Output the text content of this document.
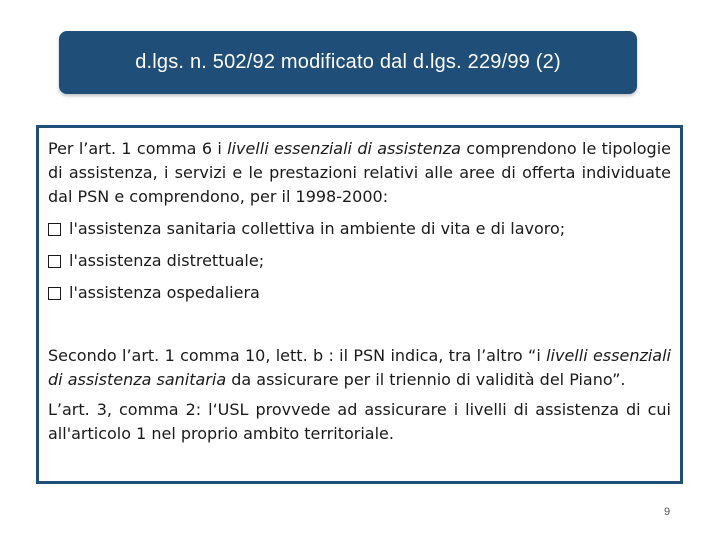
d.lgs. n. 502/92 modificato dal d.lgs. 229/99 (2)

Per l’art. 1 comma 6 i livelli essenziali di assistenza comprendono le tipologie di assistenza, i servizi e le prestazioni relativi alle aree di offerta individuate dal PSN e comprendono, per il 1998-2000:

l'assistenza sanitaria collettiva in ambiente di vita e di lavoro;
l'assistenza distrettuale;
l'assistenza ospedaliera

Secondo l’art. 1 comma 10, lett. b : il PSN indica, tra l’altro “i livelli essenziali di assistenza sanitaria da assicurare per il triennio di validità del Piano”.

L’art. 3, comma 2: l‘USL provvede ad assicurare i livelli di assistenza di cui all'articolo 1 nel proprio ambito territoriale.

9
